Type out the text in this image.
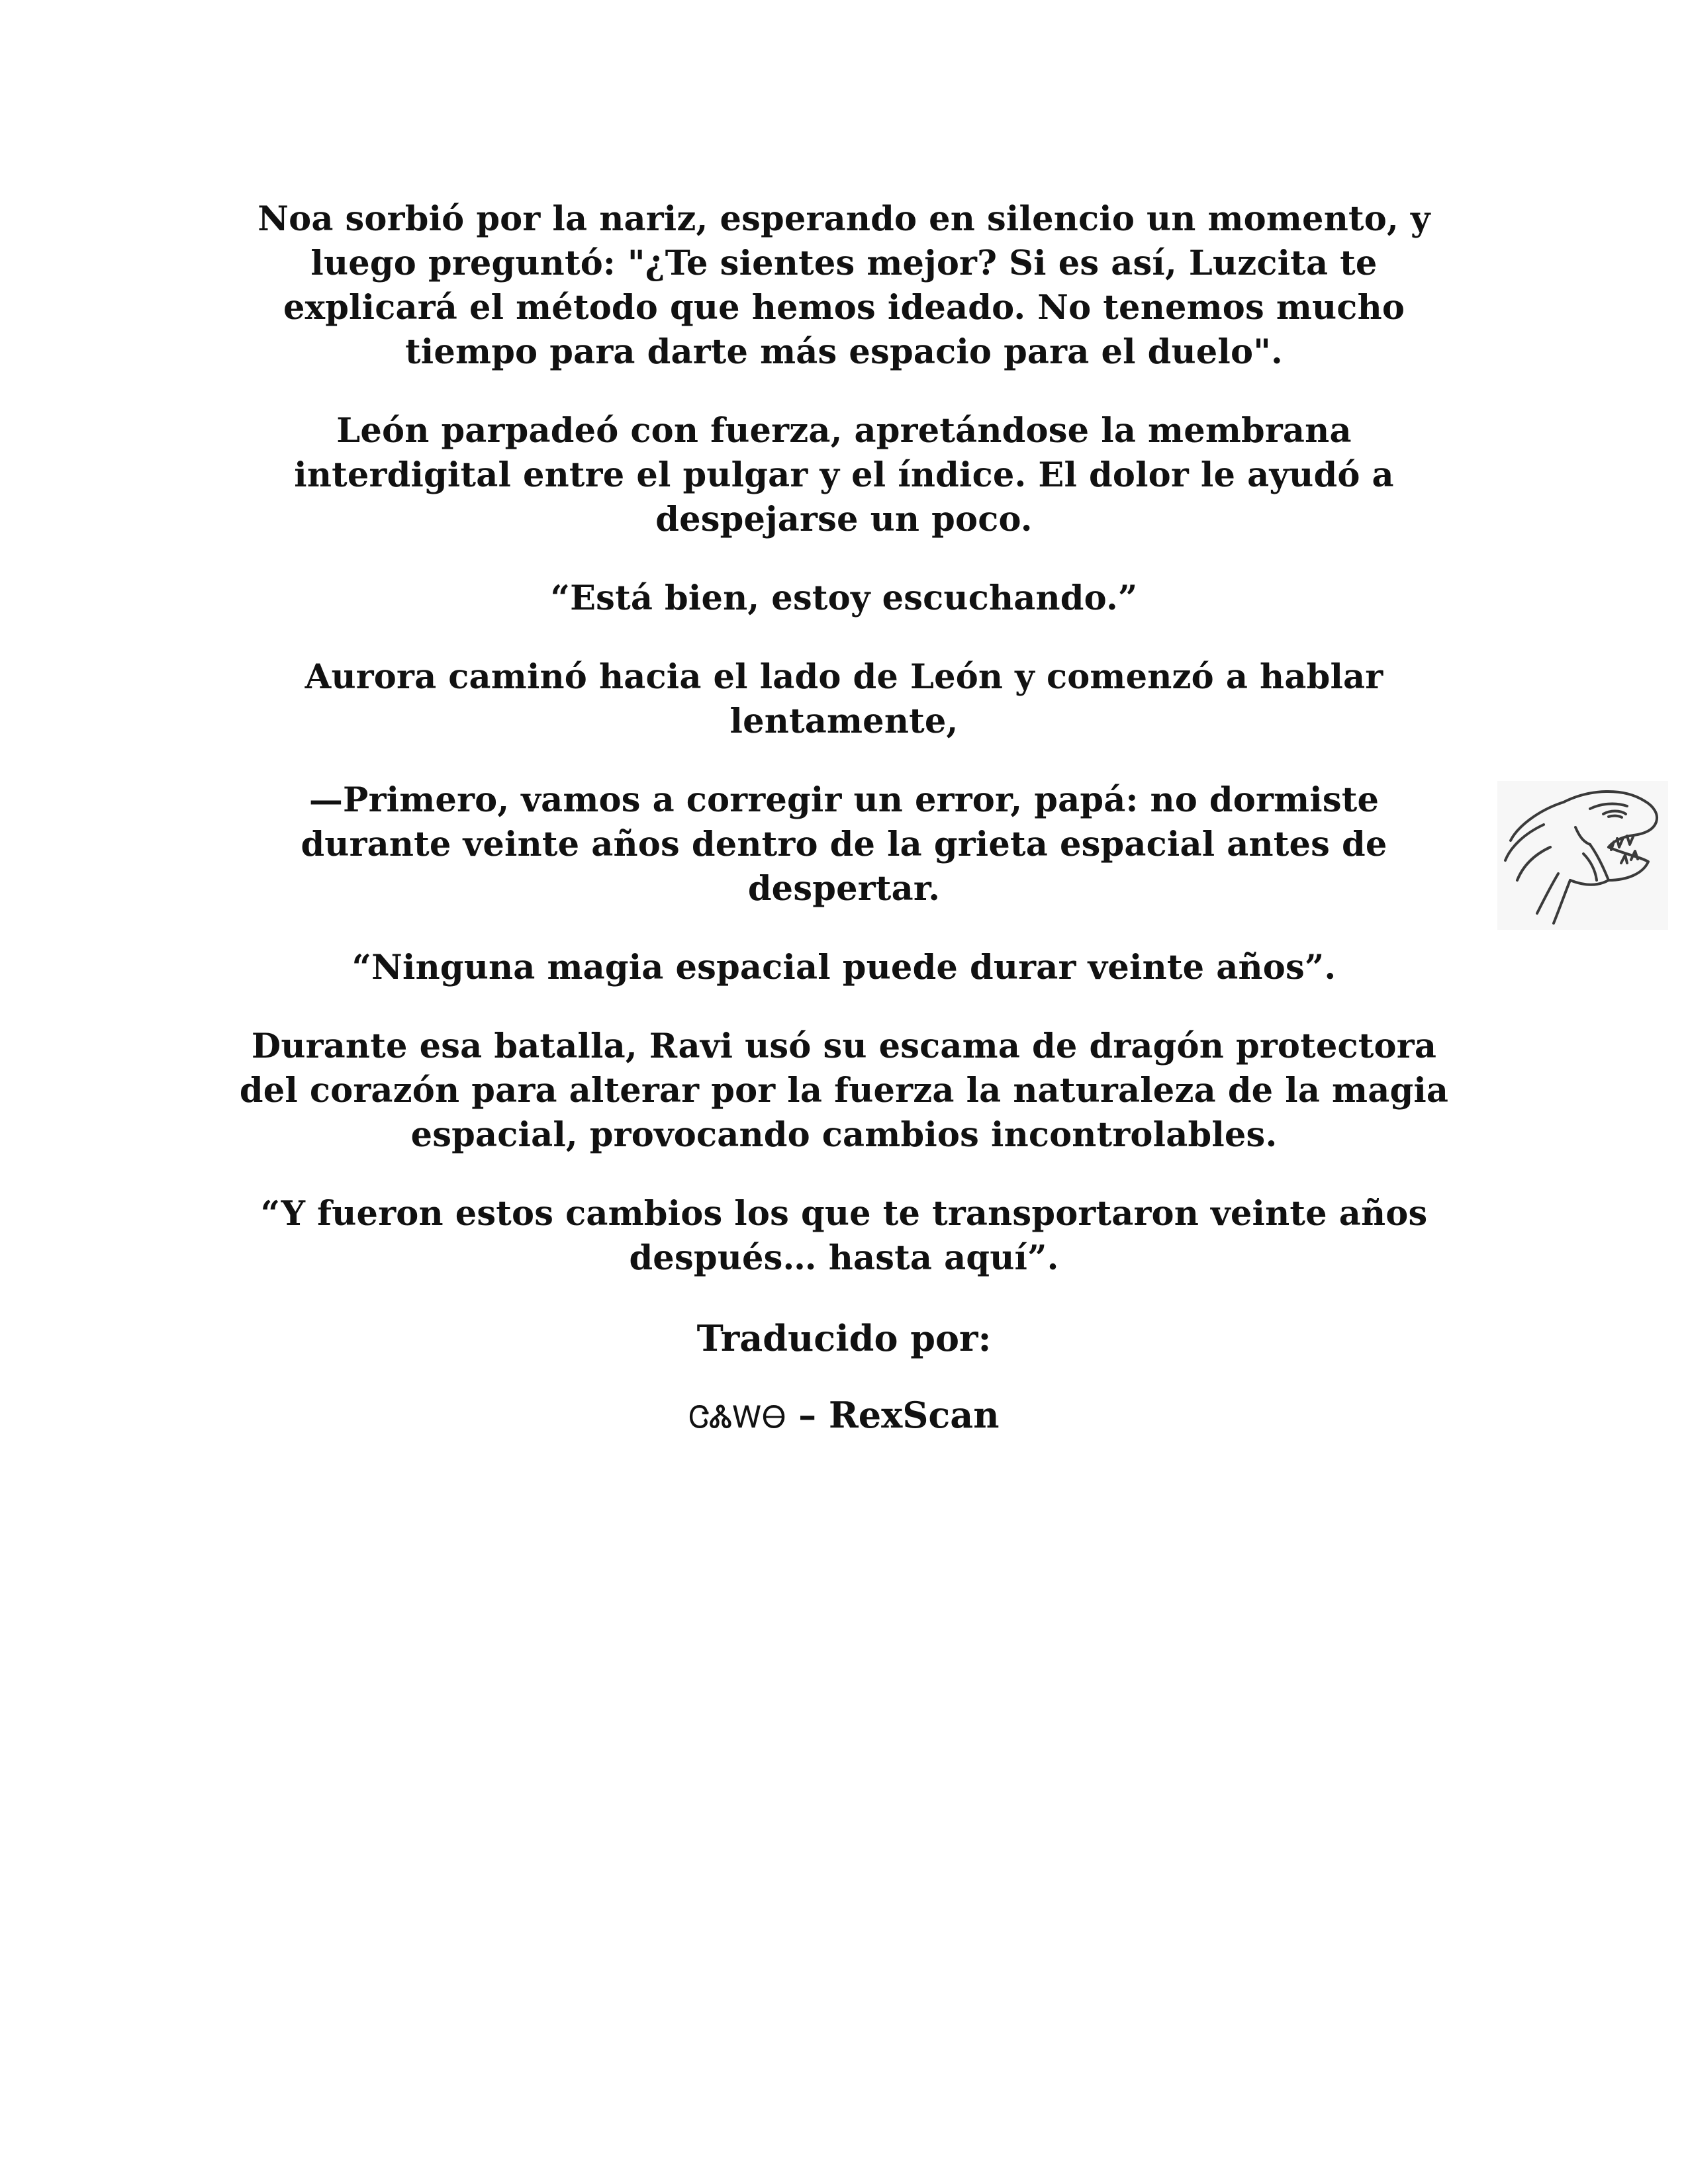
Noa sorbió por la nariz, esperando en silencio un momento, y luego preguntó: "¿Te sientes mejor? Si es así, Luzcita te explicará el método que hemos ideado. No tenemos mucho tiempo para darte más espacio para el duelo".

León parpadeó con fuerza, apretándose la membrana interdigital entre el pulgar y el índice. El dolor le ayudó a despejarse un poco.

“Está bien, estoy escuchando.”

Aurora caminó hacia el lado de León y comenzó a hablar lentamente,

—Primero, vamos a corregir un error, papá: no dormiste durante veinte años dentro de la grieta espacial antes de despertar.

“Ninguna magia espacial puede durar veinte años”.

Durante esa batalla, Ravi usó su escama de dragón protectora del corazón para alterar por la fuerza la naturaleza de la magia espacial, provocando cambios incontrolables.

“Y fueron estos cambios los que te transportaron veinte años después… hasta aquí”.

Traducido por:

ᏣᏜᎳᎾ – RexScan
